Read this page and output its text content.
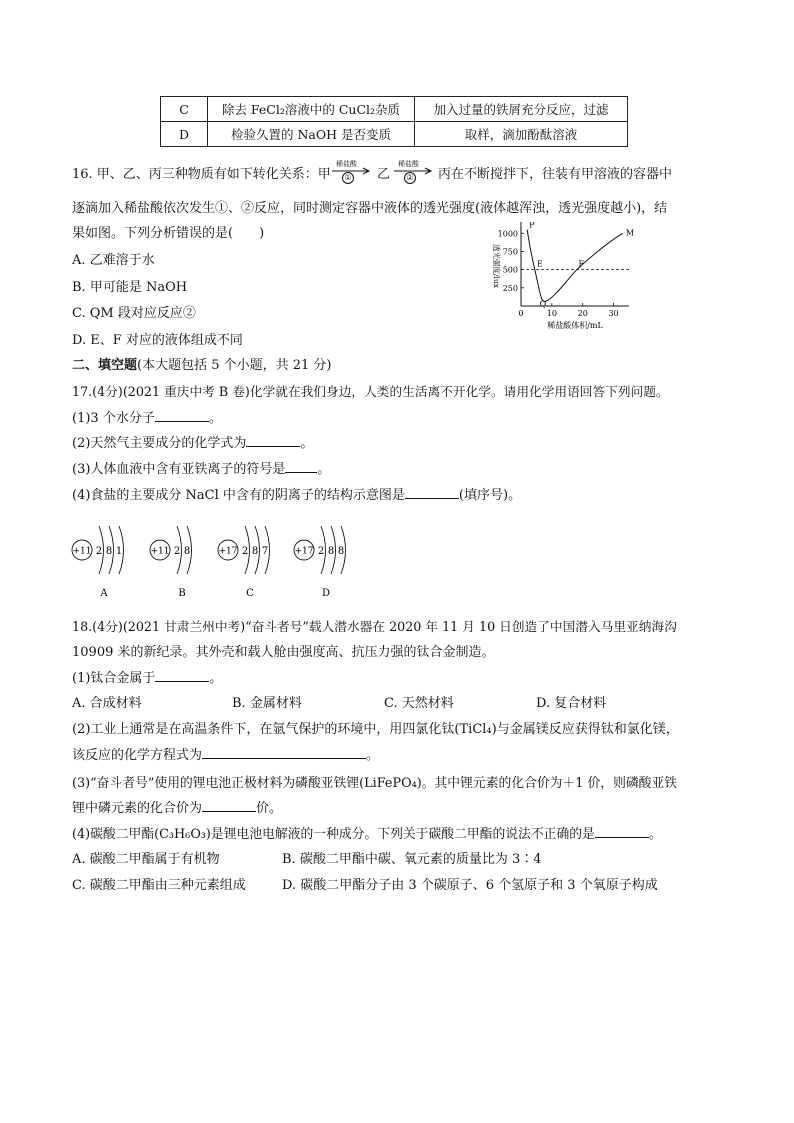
C	除去 FeCl₂溶液中的 CuCl₂杂质	加入过量的铁屑充分反应，过滤
D	检验久置的 NaOH 是否变质	取样，滴加酚酞溶液
16. 甲、乙、丙三种物质有如下转化关系：甲
稀盐酸
① 乙
稀盐酸
② 丙在不断搅拌下，往装有甲溶液的容器中
逐滴加入稀盐酸依次发生①、②反应，同时测定容器中液体的透光强度(液体越浑浊，透光强度越小)，结
果如图。下列分析错误的是(　　)
A. 乙难溶于水
B. 甲可能是 NaOH
C. QM 段对应反应②
D. E、F 对应的液体组成不同
250
500
750
1000
0	10	20	30
P
E
Q
F
M
稀盐酸体积/mL
透光强度/lux
二、填空题(本大题包括 5 个小题，共 21 分)
17.(4分)(2021 重庆中考 B 卷)化学就在我们身边，人类的生活离不开化学。请用化学用语回答下列问题。
(1)3 个水分子	。
(2)天然气主要成分的化学式为	。
(3)人体血液中含有亚铁离子的符号是 。
(4)食盐的主要成分 NaCl 中含有的阴离子的结构示意图是	(填序号)。
+11 2 8 1
A
+11 2 8
B
+17 2 8 7
C
+17 2 8 8
D
18.(4分)(2021 甘肃兰州中考)“奋斗者号”载人潜水器在 2020 年 11 月 10 日创造了中国潜入马里亚纳海沟
10909 米的新纪录。其外壳和载人舱由强度高、抗压力强的钛合金制造。
(1)钛合金属于	。
A. 合成材料	B. 金属材料	C. 天然材料	D. 复合材料
(2)工业上通常是在高温条件下，在氩气保护的环境中，用四氯化钛(TiCl₄)与金属镁反应获得钛和氯化镁，
该反应的化学方程式为	。
(3)“奋斗者号”使用的锂电池正极材料为磷酸亚铁锂(LiFePO₄)。其中锂元素的化合价为＋1 价，则磷酸亚铁
锂中磷元素的化合价为	价。
(4)碳酸二甲酯(C₃H₆O₃)是锂电池电解液的一种成分。下列关于碳酸二甲酯的说法不正确的是	。
A. 碳酸二甲酯属于有机物	B. 碳酸二甲酯中碳、氧元素的质量比为 3∶4
C. 碳酸二甲酯由三种元素组成	D. 碳酸二甲酯分子由 3 个碳原子、6 个氢原子和 3 个氧原子构成
